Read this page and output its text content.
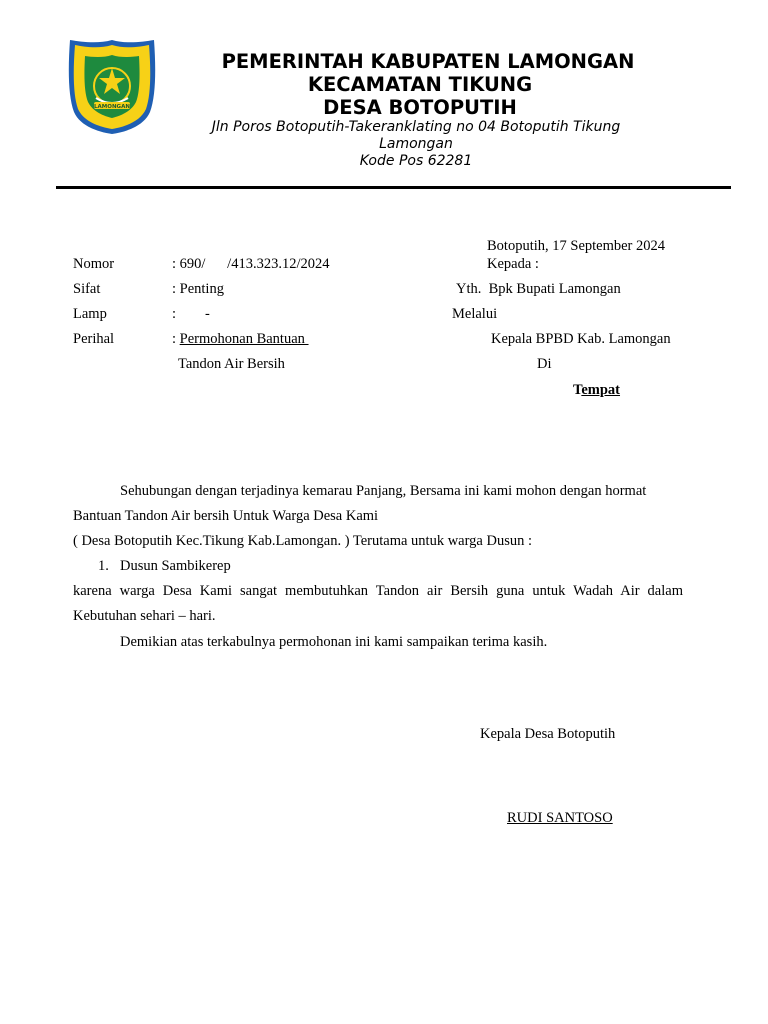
LAMONGAN
PEMERINTAH KABUPATEN LAMONGAN
KECAMATAN TIKUNG
DESA BOTOPUTIH
Jln Poros Botoputih-Takeranklating no 04 Botoputih Tikung
Lamongan
Kode Pos 62281
Botoputih, 17 September 2024
Nomor	: 690/      /413.323.12/2024	Kepada :
Sifat	: Penting	Yth.  Bpk Bupati Lamongan
Lamp	: -	Melalui
Perihal	: Permohonan Bantuan	Kepala BPBD Kab. Lamongan
Tandon Air Bersih	Di
Tempat
Sehubungan dengan terjadinya kemarau Panjang, Bersama ini kami mohon dengan hormat
Bantuan Tandon Air bersih Untuk Warga Desa Kami
( Desa Botoputih Kec.Tikung Kab.Lamongan. ) Terutama untuk warga Dusun :
1. Dusun Sambikerep
karena warga Desa Kami sangat membutuhkan Tandon air Bersih guna untuk Wadah Air dalam
Kebutuhan sehari – hari.
Demikian atas terkabulnya permohonan ini kami sampaikan terima kasih.
Kepala Desa Botoputih
RUDI SANTOSO
